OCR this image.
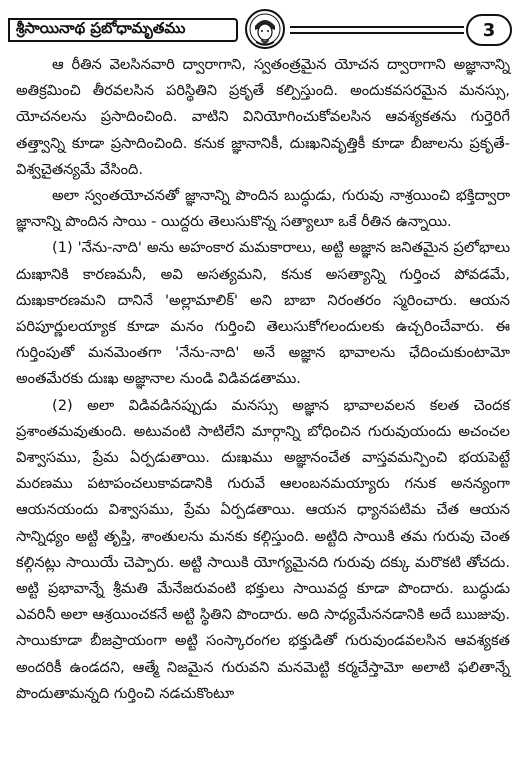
శ్రీసాయినాథ ప్రబోధామృతము	3

ఆ రీతిన వెలసినవారి ద్వారాగాని, స్వతంత్రమైన యోచన ద్వారాగాని అజ్ఞానాన్ని అతిక్రమించి తీరవలసిన పరిస్థితిని ప్రకృతే కల్పిస్తుంది. అందుకవసరమైన మనస్సు, యోచనలను ప్రసాదించింది. వాటిని వినియోగించుకోవలసిన ఆవశ్యకతను గుర్తెరిగే తత్త్వాన్ని కూడా ప్రసాదించింది. కనుక జ్ఞానానికీ, దుఃఖనివృత్తికీ కూడా బీజాలను ప్రకృతే-విశ్వచైతన్యమే వేసింది.

అలా స్వంతయోచనతో జ్ఞానాన్ని పొందిన బుద్ధుడు, గురువు నాశ్రయించి భక్తిద్వారా జ్ఞానాన్ని పొందిన సాయి - యిద్దరు తెలుసుకొన్న సత్యాలూ ఒకే రీతిన ఉన్నాయి.

(1) 'నేను-నాది' అను అహంకార మమకారాలు, అట్టి అజ్ఞాన జనితమైన ప్రలోభాలు దుఃఖానికి కారణమనీ, అవి అసత్యమని, కనుక అసత్యాన్ని గుర్తించ పోవడమే, దుఃఖకారణమని దానినే 'అల్లామాలిక్' అని బాబా నిరంతరం స్మరించారు. ఆయన పరిపూర్ణులయ్యాక కూడా మనం గుర్తించి తెలుసుకోగలందులకు ఉచ్చరించేవారు. ఈ గుర్తింపుతో మనమెంతగా 'నేను-నాది' అనే అజ్ఞాన భావాలను ఛేదించుకుంటామో అంతమేరకు దుఃఖ అజ్ఞానాల నుండి విడివడతాము.

(2) అలా విడివడినప్పుడు మనస్సు అజ్ఞాన భావాలవలన కలత చెందక ప్రశాంతమవుతుంది. అటువంటి సాటిలేని మార్గాన్ని బోధించిన గురువుయందు అచంచల విశ్వాసము, ప్రేమ ఏర్పడుతాయి. దుఃఖము అజ్ఞానంచేత వాస్తవమన్పించి భయపెట్టే మరణము పటాపంచలుకావడానికి గురువే ఆలంబనమయ్యారు గనుక అనన్యంగా ఆయనయందు విశ్వాసము, ప్రేమ ఏర్పడతాయి. ఆయన ధ్యానపటిమ చేత ఆయన సాన్నిధ్యం అట్టి తృప్తి, శాంతులను మనకు కల్గిస్తుంది. అట్టిది సాయికి తమ గురువు చెంత కల్గినట్లు సాయియే చెప్పారు. అట్టి సాయికి యోగ్యమైనది గురువు దక్కు మరొకటి తోచదు. అట్టి ప్రభావాన్నే శ్రీమతి మేనేజరువంటి భక్తులు సాయివద్ద కూడా పొందారు. బుద్ధుడు ఎవరినీ అలా ఆశ్రయించకనే అట్టి స్థితిని పొందారు. అది సాధ్యమేననడానికి అదే ఋజువు. సాయికూడా బీజప్రాయంగా అట్టి సంస్కారంగల భక్తుడితో గురువుండవలసిన ఆవశ్యకత అందరికీ ఉండదని, ఆత్మే నిజమైన గురువని మనమెట్టి కర్మచేస్తామో అలాటి ఫలితాన్నే పొందుతామన్నది గుర్తించి నడచుకొంటూ
